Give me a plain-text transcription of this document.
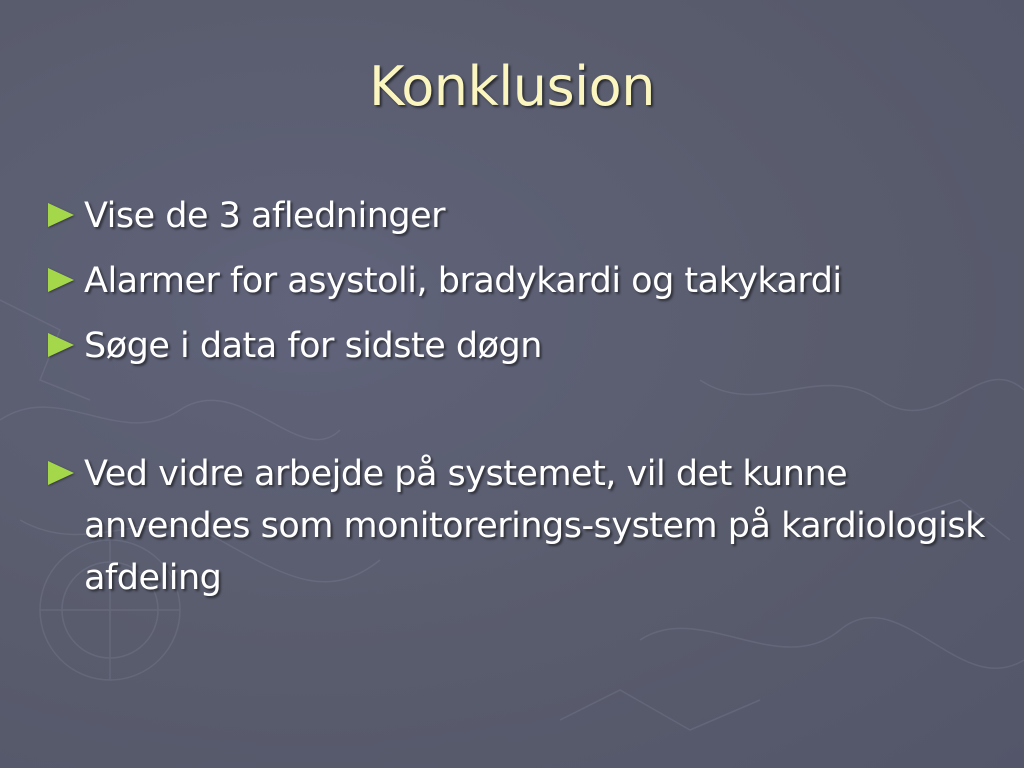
Konklusion
Vise de 3 afledninger
Alarmer for asystoli, bradykardi og takykardi
Søge i data for sidste døgn
Ved vidre arbejde på systemet, vil det kunne anvendes som monitorerings-system på kardiologisk afdeling
